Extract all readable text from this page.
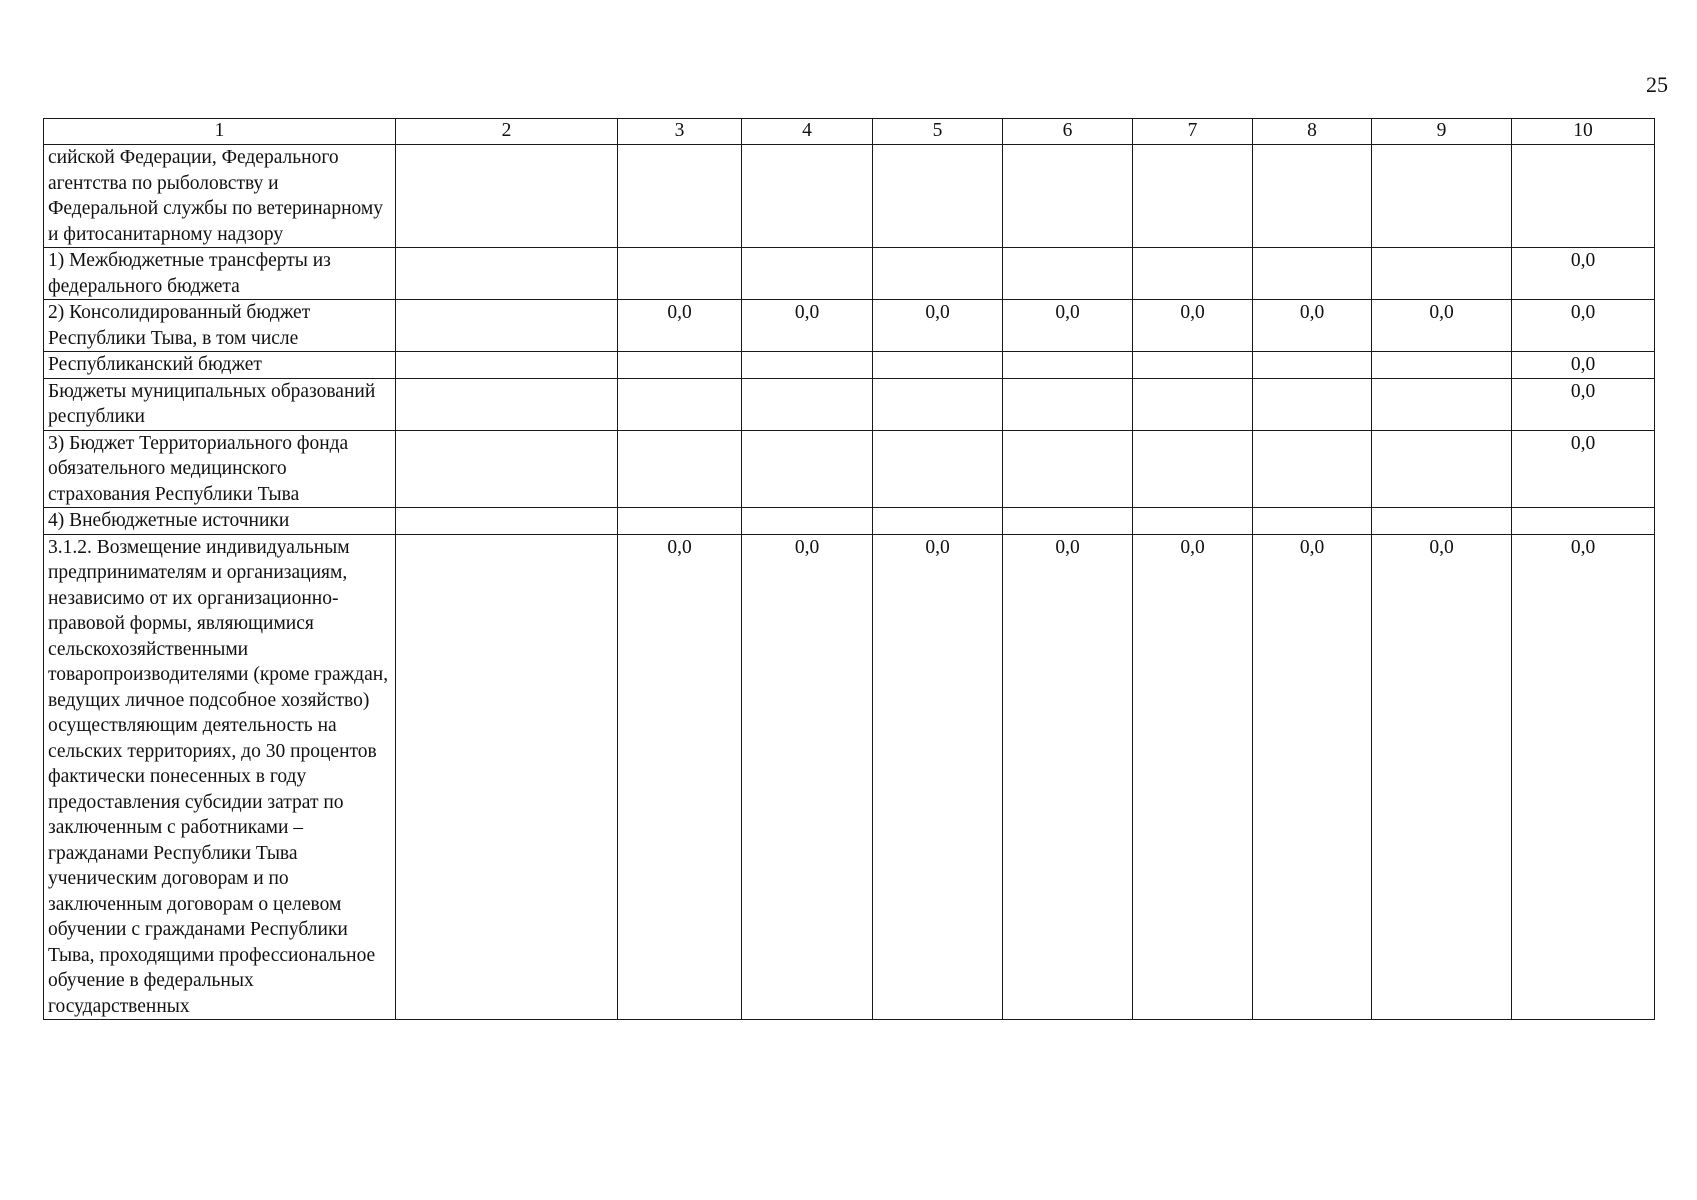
25
1	2	3	4	5	6	7	8	9	10
сийской Федерации, Федерального агентства по рыболовству и Федеральной службы по ветеринарному и фитосанитарному надзору									
1) Межбюджетные трансферты из федерального бюджета									0,0
2) Консолидированный бюджет Республики Тыва, в том числе		0,0	0,0	0,0	0,0	0,0	0,0	0,0	0,0
Республиканский бюджет									0,0
Бюджеты муниципальных образований республики									0,0
3) Бюджет Территориального фонда обязательного медицинского страхования Республики Тыва									0,0
4) Внебюджетные источники									
3.1.2. Возмещение индивидуальным предпринимателям и организациям, независимо от их организационно-правовой формы, являющимися сельскохозяйственными товаропроизводителями (кроме граждан, ведущих личное подсобное хозяйство) осуществляющим деятельность на сельских территориях, до 30 процентов фактически понесенных в году предоставления субсидии затрат по заключенным с работниками – гражданами Республики Тыва ученическим договорам и по заключенным договорам о целевом обучении с гражданами Республики Тыва, проходящими профессиональное обучение в федеральных государственных		0,0	0,0	0,0	0,0	0,0	0,0	0,0	0,0
